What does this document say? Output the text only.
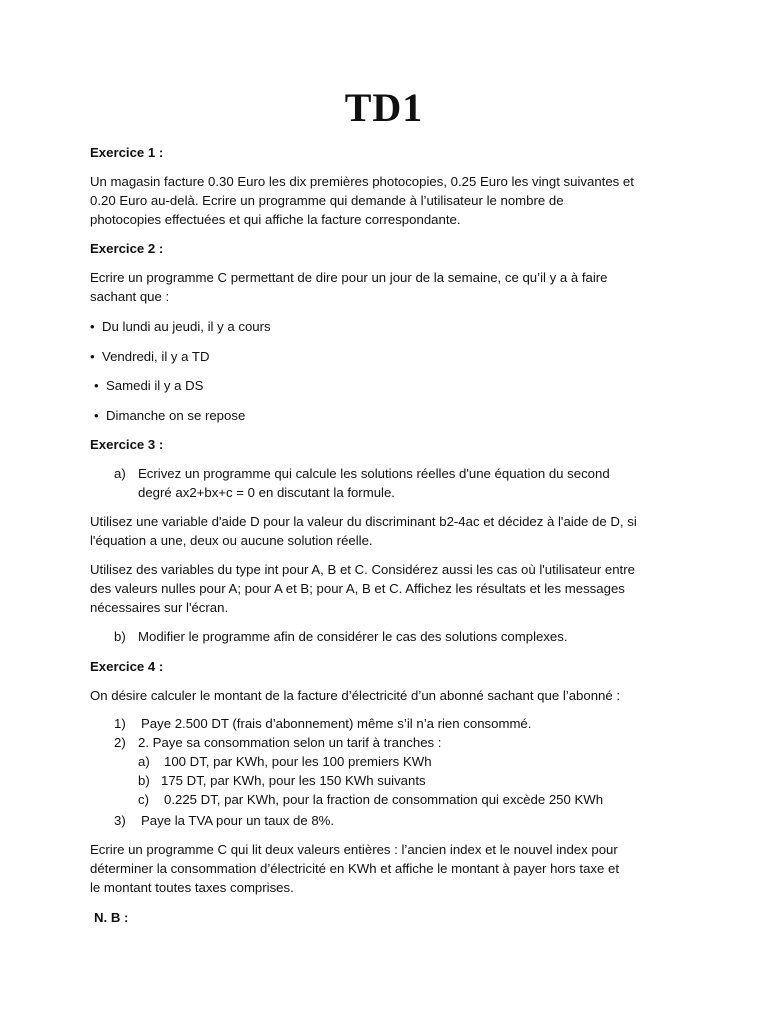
TD1
Exercice 1 :
Un magasin facture 0.30 Euro les dix premières photocopies, 0.25 Euro les vingt suivantes et
0.20 Euro au-delà. Ecrire un programme qui demande à l’utilisateur le nombre de
photocopies effectuées et qui affiche la facture correspondante.
Exercice 2 :
Ecrire un programme C permettant de dire pour un jour de la semaine, ce qu’il y a à faire
sachant que :
• Du lundi au jeudi, il y a cours
• Vendredi, il y a TD
• Samedi il y a DS
• Dimanche on se repose
Exercice 3 :
a) Ecrivez un programme qui calcule les solutions réelles d'une équation du second
degré ax2+bx+c = 0 en discutant la formule.
Utilisez une variable d'aide D pour la valeur du discriminant b2-4ac et décidez à l'aide de D, si
l'équation a une, deux ou aucune solution réelle.
Utilisez des variables du type int pour A, B et C. Considérez aussi les cas où l'utilisateur entre
des valeurs nulles pour A; pour A et B; pour A, B et C. Affichez les résultats et les messages
nécessaires sur l'écran.
b) Modifier le programme afin de considérer le cas des solutions complexes.
Exercice 4 :
On désire calculer le montant de la facture d’électricité d’un abonné sachant que l’abonné :
1) Paye 2.500 DT (frais d’abonnement) même s’il n’a rien consommé.
2) 2. Paye sa consommation selon un tarif à tranches :
a) 100 DT, par KWh, pour les 100 premiers KWh
b) 175 DT, par KWh, pour les 150 KWh suivants
c) 0.225 DT, par KWh, pour la fraction de consommation qui excède 250 KWh
3) Paye la TVA pour un taux de 8%.
Ecrire un programme C qui lit deux valeurs entières : l’ancien index et le nouvel index pour
déterminer la consommation d’électricité en KWh et affiche le montant à payer hors taxe et
le montant toutes taxes comprises.
N. B :
